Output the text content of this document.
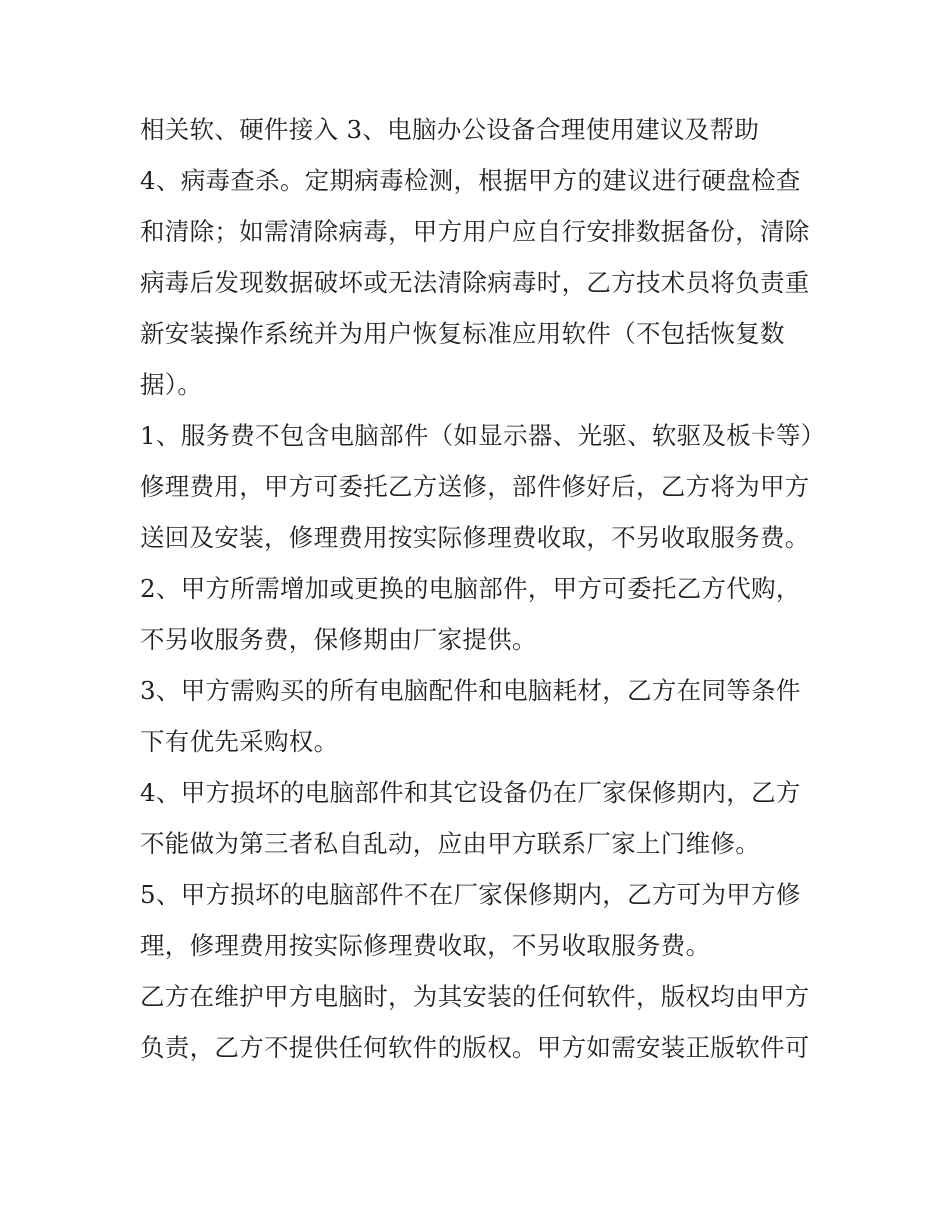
相关软、硬件接入 3、电脑办公设备合理使用建议及帮助

4、病毒查杀。定期病毒检测，根据甲方的建议进行硬盘检查和清除；如需清除病毒，甲方用户应自行安排数据备份，清除病毒后发现数据破坏或无法清除病毒时，乙方技术员将负责重新安装操作系统并为用户恢复标准应用软件（不包括恢复数据）。

1、服务费不包含电脑部件（如显示器、光驱、软驱及板卡等）修理费用，甲方可委托乙方送修，部件修好后，乙方将为甲方送回及安装，修理费用按实际修理费收取，不另收取服务费。

2、甲方所需增加或更换的电脑部件，甲方可委托乙方代购，不另收服务费，保修期由厂家提供。

3、甲方需购买的所有电脑配件和电脑耗材，乙方在同等条件下有优先采购权。

4、甲方损坏的电脑部件和其它设备仍在厂家保修期内，乙方不能做为第三者私自乱动，应由甲方联系厂家上门维修。

5、甲方损坏的电脑部件不在厂家保修期内，乙方可为甲方修理，修理费用按实际修理费收取，不另收取服务费。

乙方在维护甲方电脑时，为其安装的任何软件，版权均由甲方负责，乙方不提供任何软件的版权。甲方如需安装正版软件可
